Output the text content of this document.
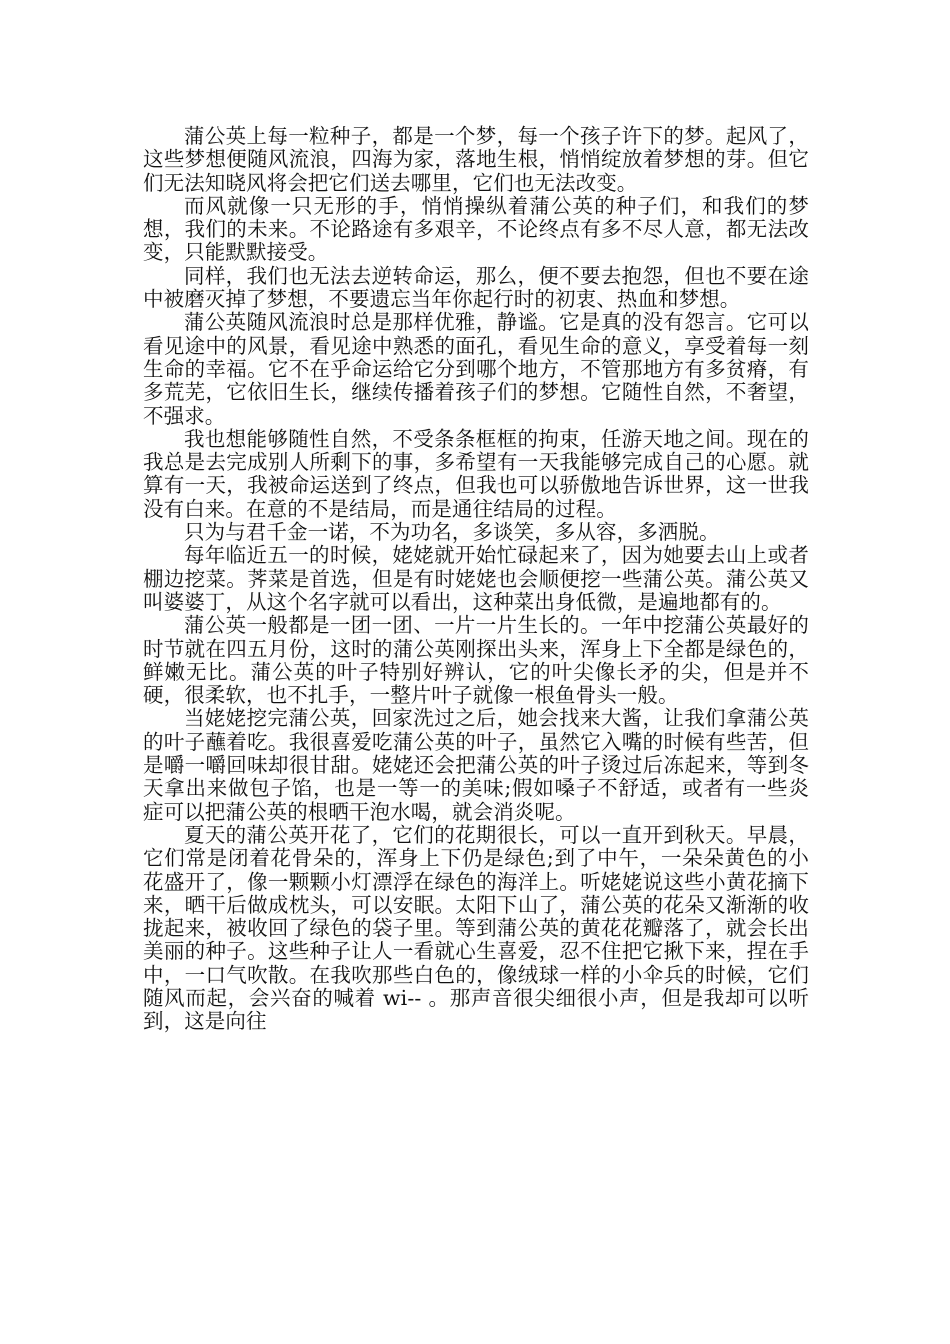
蒲公英上每一粒种子，都是一个梦，每一个孩子许下的梦。起风了，这些梦想便随风流浪，四海为家，落地生根，悄悄绽放着梦想的芽。但它们无法知晓风将会把它们送去哪里，它们也无法改变。

而风就像一只无形的手，悄悄操纵着蒲公英的种子们，和我们的梦想，我们的未来。不论路途有多艰辛，不论终点有多不尽人意，都无法改变，只能默默接受。

同样，我们也无法去逆转命运，那么，便不要去抱怨，但也不要在途中被磨灭掉了梦想，不要遗忘当年你起行时的初衷、热血和梦想。

蒲公英随风流浪时总是那样优雅，静谧。它是真的没有怨言。它可以看见途中的风景，看见途中熟悉的面孔，看见生命的意义，享受着每一刻生命的幸福。它不在乎命运给它分到哪个地方，不管那地方有多贫瘠，有多荒芜，它依旧生长，继续传播着孩子们的梦想。它随性自然，不奢望，不强求。

我也想能够随性自然，不受条条框框的拘束，任游天地之间。现在的我总是去完成别人所剩下的事，多希望有一天我能够完成自己的心愿。就算有一天，我被命运送到了终点，但我也可以骄傲地告诉世界，这一世我没有白来。在意的不是结局，而是通往结局的过程。

只为与君千金一诺，不为功名，多谈笑，多从容，多洒脱。

每年临近五一的时候，姥姥就开始忙碌起来了，因为她要去山上或者棚边挖菜。荠菜是首选，但是有时姥姥也会顺便挖一些蒲公英。蒲公英又叫婆婆丁，从这个名字就可以看出，这种菜出身低微，是遍地都有的。

蒲公英一般都是一团一团、一片一片生长的。一年中挖蒲公英最好的时节就在四五月份，这时的蒲公英刚探出头来，浑身上下全都是绿色的，鲜嫩无比。蒲公英的叶子特别好辨认，它的叶尖像长矛的尖，但是并不硬，很柔软，也不扎手，一整片叶子就像一根鱼骨头一般。

当姥姥挖完蒲公英，回家洗过之后，她会找来大酱，让我们拿蒲公英的叶子蘸着吃。我很喜爱吃蒲公英的叶子，虽然它入嘴的时候有些苦，但是嚼一嚼回味却很甘甜。姥姥还会把蒲公英的叶子烫过后冻起来，等到冬天拿出来做包子馅，也是一等一的美味;假如嗓子不舒适，或者有一些炎症可以把蒲公英的根晒干泡水喝，就会消炎呢。

夏天的蒲公英开花了，它们的花期很长，可以一直开到秋天。早晨，它们常是闭着花骨朵的，浑身上下仍是绿色;到了中午，一朵朵黄色的小花盛开了，像一颗颗小灯漂浮在绿色的海洋上。听姥姥说这些小黄花摘下来，晒干后做成枕头，可以安眠。太阳下山了，蒲公英的花朵又渐渐的收拢起来，被收回了绿色的袋子里。等到蒲公英的黄花花瓣落了，就会长出美丽的种子。这些种子让人一看就心生喜爱，忍不住把它揪下来，捏在手中，一口气吹散。在我吹那些白色的，像绒球一样的小伞兵的时候，它们随风而起，会兴奋的喊着 wi-- 。那声音很尖细很小声，但是我却可以听到，这是向往
